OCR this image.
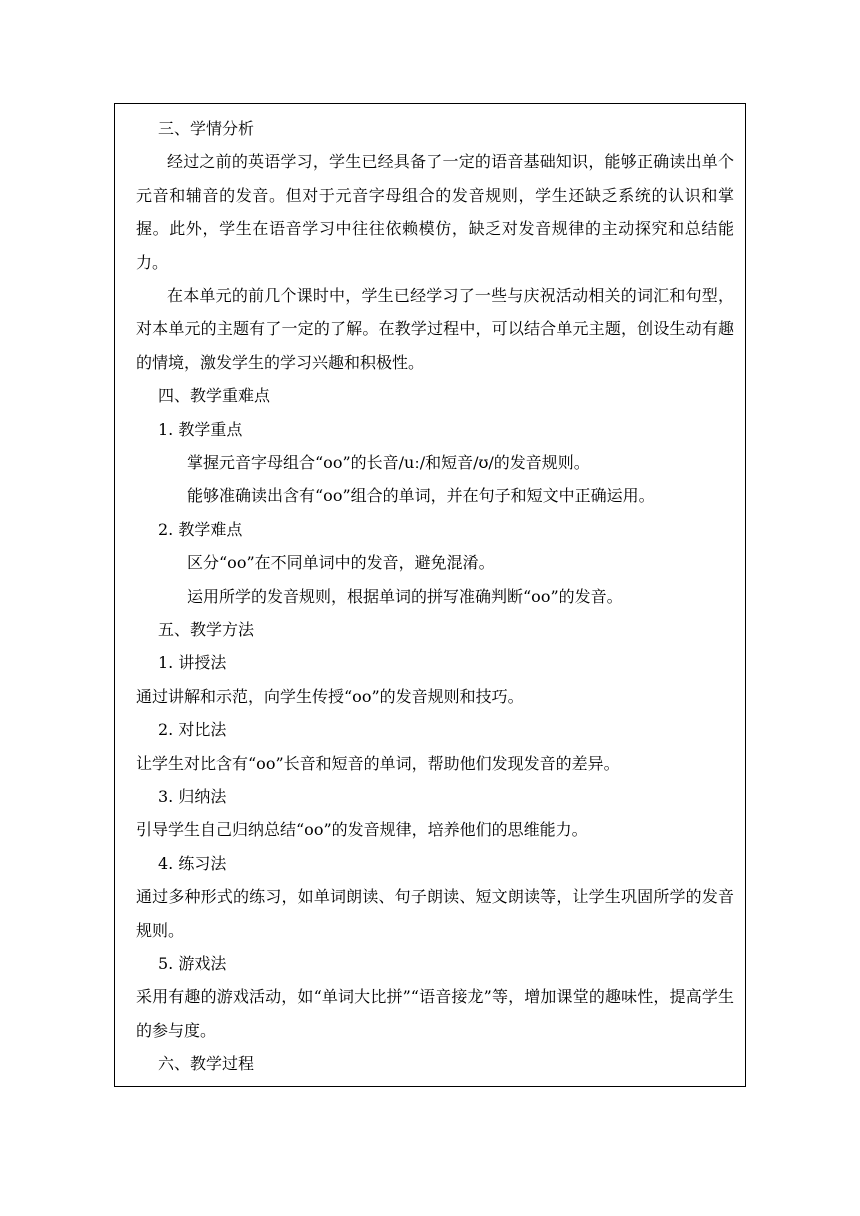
三、学情分析
经过之前的英语学习，学生已经具备了一定的语音基础知识，能够正确读出单个元音和辅音的发音。但对于元音字母组合的发音规则，学生还缺乏系统的认识和掌握。此外，学生在语音学习中往往依赖模仿，缺乏对发音规律的主动探究和总结能力。
在本单元的前几个课时中，学生已经学习了一些与庆祝活动相关的词汇和句型，对本单元的主题有了一定的了解。在教学过程中，可以结合单元主题，创设生动有趣的情境，激发学生的学习兴趣和积极性。
四、教学重难点
1. 教学重点
掌握元音字母组合“oo”的长音/uː/和短音/ʊ/的发音规则。
能够准确读出含有“oo”组合的单词，并在句子和短文中正确运用。
2. 教学难点
区分“oo”在不同单词中的发音，避免混淆。
运用所学的发音规则，根据单词的拼写准确判断“oo”的发音。
五、教学方法
1. 讲授法
通过讲解和示范，向学生传授“oo”的发音规则和技巧。
2. 对比法
让学生对比含有“oo”长音和短音的单词，帮助他们发现发音的差异。
3. 归纳法
引导学生自己归纳总结“oo”的发音规律，培养他们的思维能力。
4. 练习法
通过多种形式的练习，如单词朗读、句子朗读、短文朗读等，让学生巩固所学的发音规则。
5. 游戏法
采用有趣的游戏活动，如“单词大比拼”“语音接龙”等，增加课堂的趣味性，提高学生的参与度。
六、教学过程
